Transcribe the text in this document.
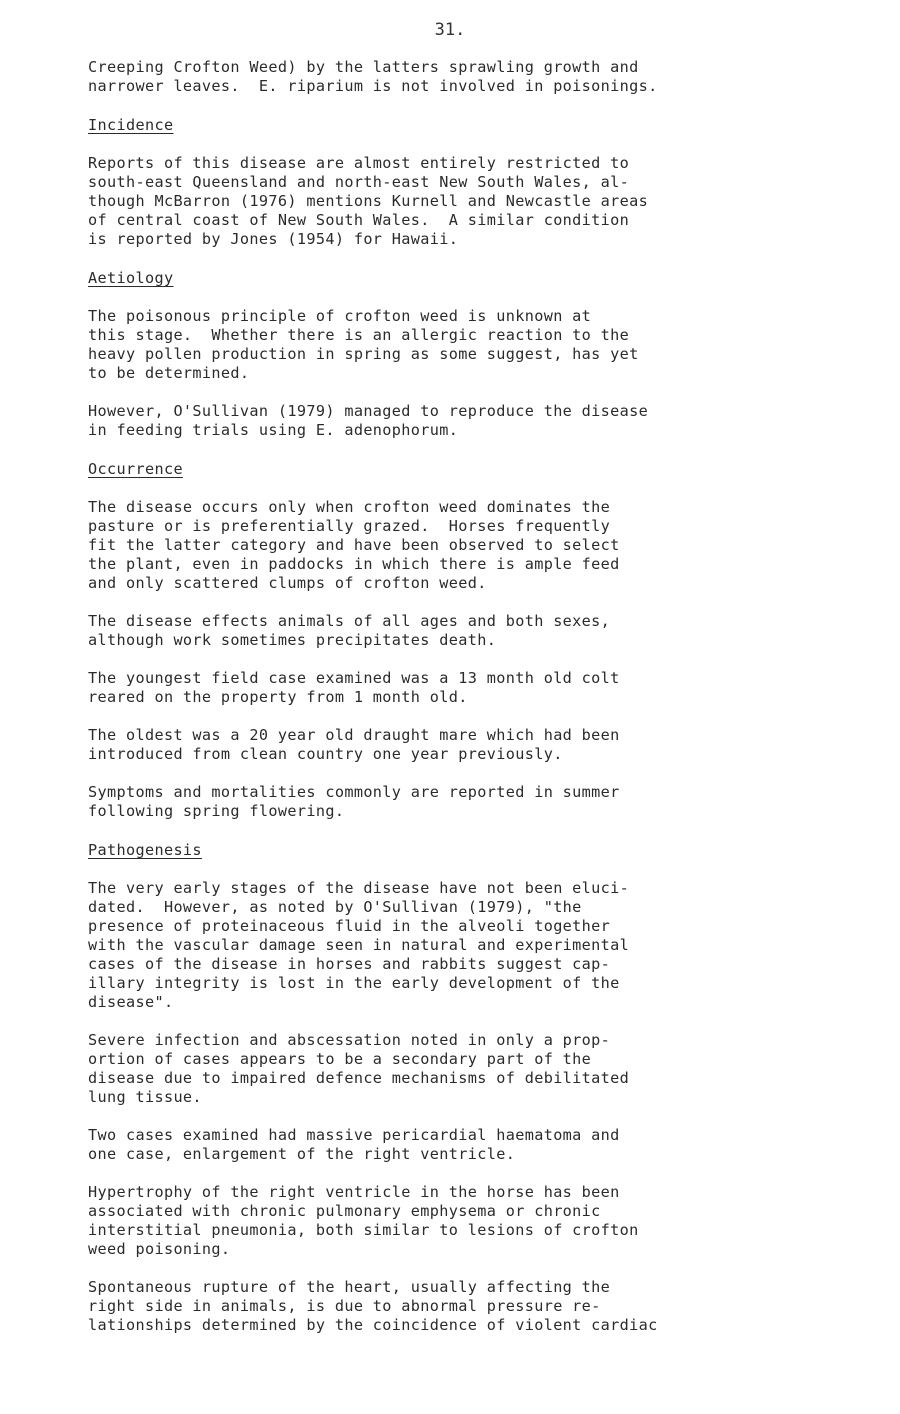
31.

Creeping Crofton Weed) by the latters sprawling growth and
narrower leaves.  E. riparium is not involved in poisonings.

Incidence

Reports of this disease are almost entirely restricted to
south-east Queensland and north-east New South Wales, al-
though McBarron (1976) mentions Kurnell and Newcastle areas
of central coast of New South Wales.  A similar condition
is reported by Jones (1954) for Hawaii.

Aetiology

The poisonous principle of crofton weed is unknown at
this stage.  Whether there is an allergic reaction to the
heavy pollen production in spring as some suggest, has yet
to be determined.

However, O'Sullivan (1979) managed to reproduce the disease
in feeding trials using E. adenophorum.

Occurrence

The disease occurs only when crofton weed dominates the
pasture or is preferentially grazed.  Horses frequently
fit the latter category and have been observed to select
the plant, even in paddocks in which there is ample feed
and only scattered clumps of crofton weed.

The disease effects animals of all ages and both sexes,
although work sometimes precipitates death.

The youngest field case examined was a 13 month old colt
reared on the property from 1 month old.

The oldest was a 20 year old draught mare which had been
introduced from clean country one year previously.

Symptoms and mortalities commonly are reported in summer
following spring flowering.

Pathogenesis

The very early stages of the disease have not been eluci-
dated.  However, as noted by O'Sullivan (1979), "the
presence of proteinaceous fluid in the alveoli together
with the vascular damage seen in natural and experimental
cases of the disease in horses and rabbits suggest cap-
illary integrity is lost in the early development of the
disease".

Severe infection and abscessation noted in only a prop-
ortion of cases appears to be a secondary part of the
disease due to impaired defence mechanisms of debilitated
lung tissue.

Two cases examined had massive pericardial haematoma and
one case, enlargement of the right ventricle.

Hypertrophy of the right ventricle in the horse has been
associated with chronic pulmonary emphysema or chronic
interstitial pneumonia, both similar to lesions of crofton
weed poisoning.

Spontaneous rupture of the heart, usually affecting the
right side in animals, is due to abnormal pressure re-
lationships determined by the coincidence of violent cardiac
